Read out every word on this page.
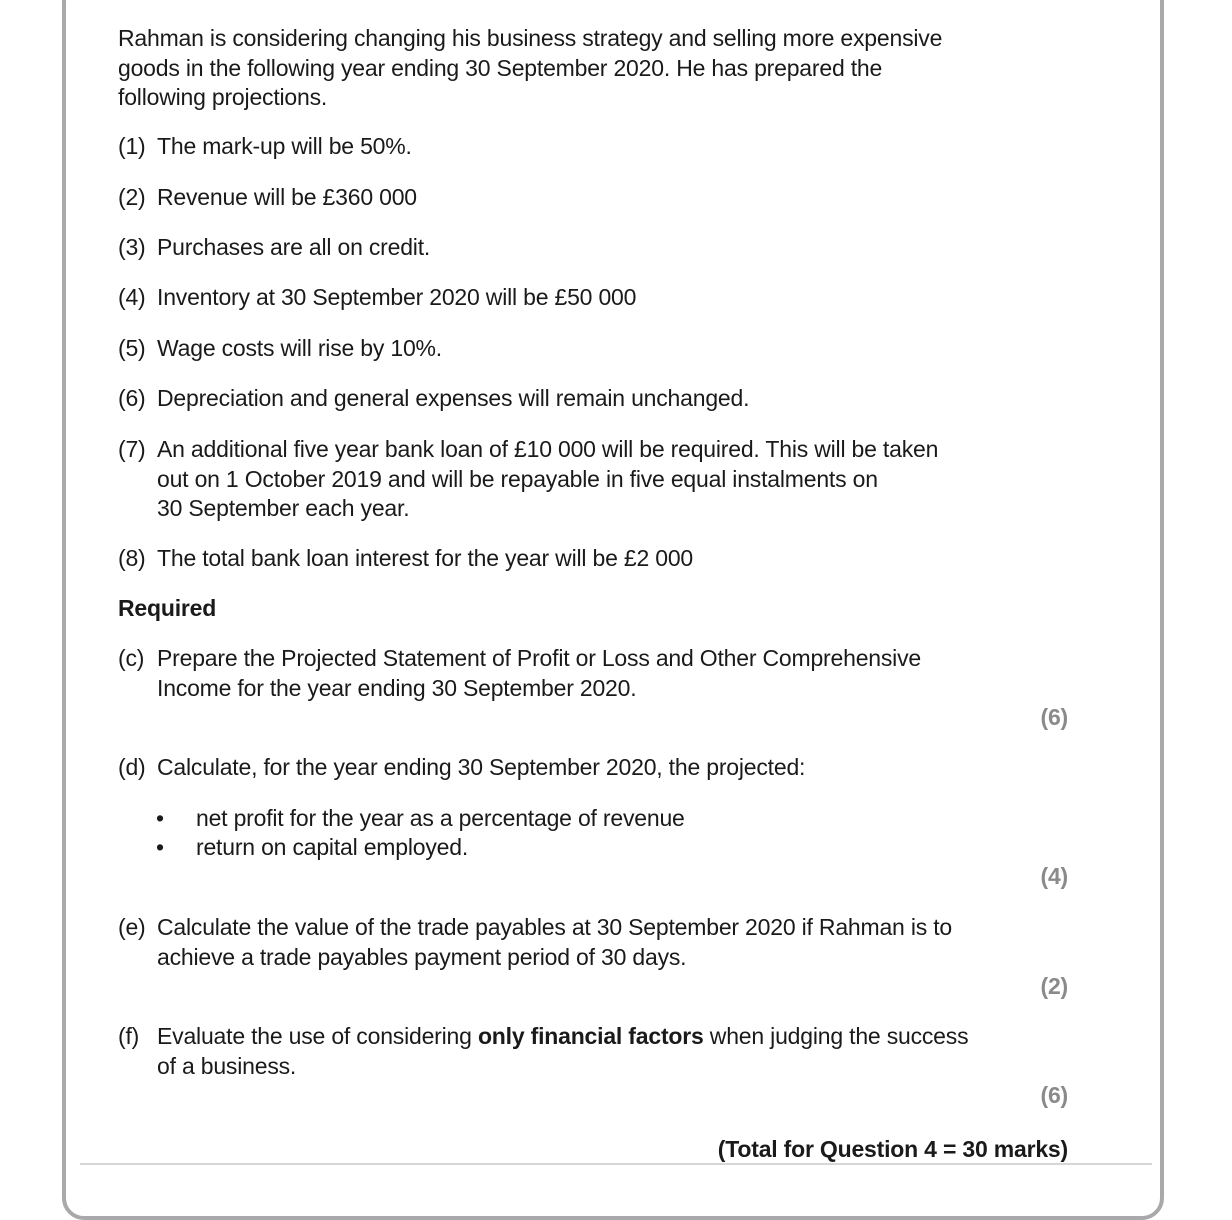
Rahman is considering changing his business strategy and selling more expensive
goods in the following year ending 30 September 2020. He has prepared the
following projections.
(1) The mark-up will be 50%.
(2) Revenue will be £360 000
(3) Purchases are all on credit.
(4) Inventory at 30 September 2020 will be £50 000
(5) Wage costs will rise by 10%.
(6) Depreciation and general expenses will remain unchanged.
(7) An additional five year bank loan of £10 000 will be required. This will be taken
out on 1 October 2019 and will be repayable in five equal instalments on
30 September each year.
(8) The total bank loan interest for the year will be £2 000
Required
(c) Prepare the Projected Statement of Profit or Loss and Other Comprehensive
Income for the year ending 30 September 2020.
(6)
(d) Calculate, for the year ending 30 September 2020, the projected:
• net profit for the year as a percentage of revenue
• return on capital employed.
(4)
(e) Calculate the value of the trade payables at 30 September 2020 if Rahman is to
achieve a trade payables payment period of 30 days.
(2)
(f) Evaluate the use of considering only financial factors when judging the success
of a business.
(6)
(Total for Question 4 = 30 marks)
